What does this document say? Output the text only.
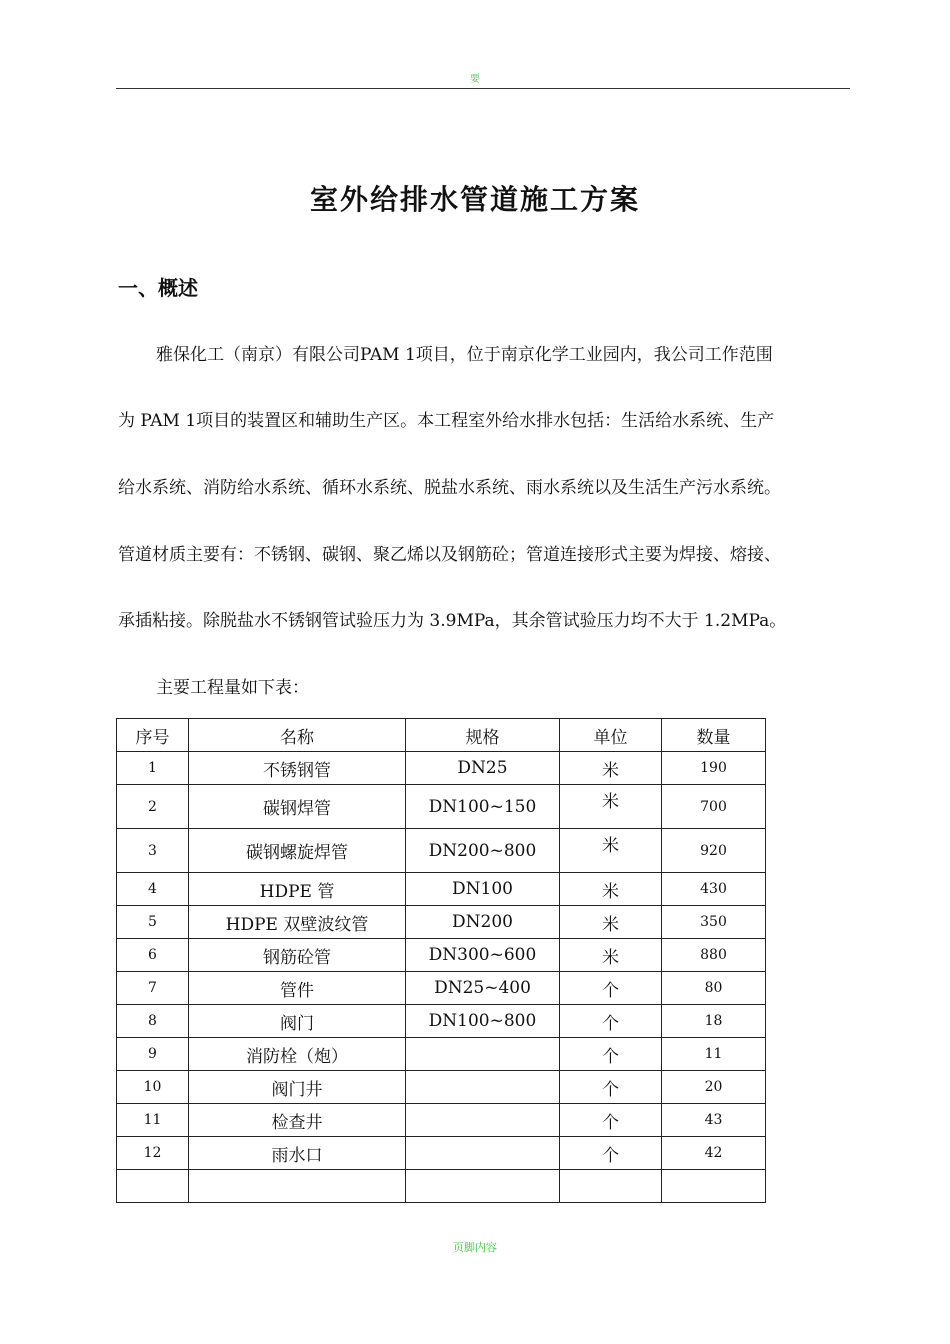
要
室外给排水管道施工方案
一、概述
雅保化工（南京）有限公司PAM 1项目，位于南京化学工业园内，我公司工作范围
为 PAM 1项目的装置区和辅助生产区。本工程室外给水排水包括：生活给水系统、生产
给水系统、消防给水系统、循环水系统、脱盐水系统、雨水系统以及生活生产污水系统。
管道材质主要有：不锈钢、碳钢、聚乙烯以及钢筋砼；管道连接形式主要为焊接、熔接、
承插粘接。除脱盐水不锈钢管试验压力为 3.9MPa，其余管试验压力均不大于 1.2MPa。
主要工程量如下表：
序号	名称	规格	单位	数量
1	不锈钢管	DN25	米	190
2	碳钢焊管	DN100~150	米	700
3	碳钢螺旋焊管	DN200~800	米	920
4	HDPE 管	DN100	米	430
5	HDPE 双壁波纹管	DN200	米	350
6	钢筋砼管	DN300~600	米	880
7	管件	DN25~400	个	80
8	阀门	DN100~800	个	18
9	消防栓（炮）		个	11
10	阀门井		个	20
11	检查井		个	43
12	雨水口		个	42

页脚内容
